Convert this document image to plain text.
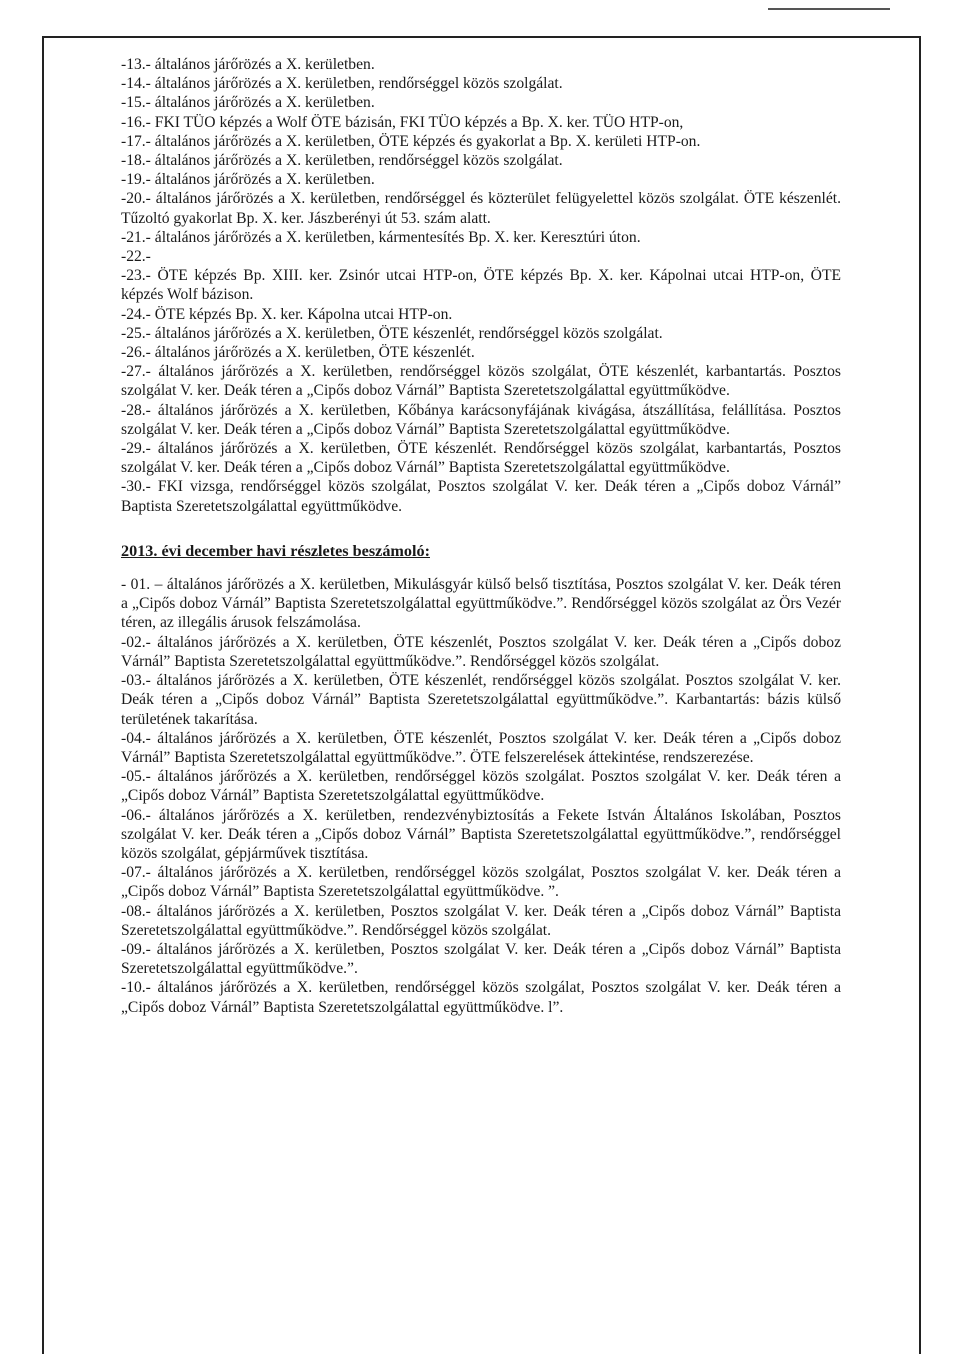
-13.- általános járőrözés a X. kerületben.

-14.- általános járőrözés a X. kerületben, rendőrséggel közös szolgálat.

-15.- általános járőrözés a X. kerületben.

-16.- FKI TÜO képzés a Wolf ÖTE bázisán, FKI TÜO képzés a Bp. X. ker. TÜO HTP-on,

-17.- általános járőrözés a X. kerületben, ÖTE képzés és gyakorlat a Bp. X. kerületi HTP-on.

-18.- általános járőrözés a X. kerületben, rendőrséggel közös szolgálat.

-19.- általános járőrözés a X. kerületben.

-20.- általános járőrözés a X. kerületben, rendőrséggel és közterület felügyelettel közös szolgálat. ÖTE készenlét. Tűzoltó gyakorlat Bp. X. ker. Jászberényi út 53. szám alatt.

-21.- általános járőrözés a X. kerületben, kármentesítés Bp. X. ker. Keresztúri úton.

-22.-

-23.- ÖTE képzés Bp. XIII. ker. Zsinór utcai HTP-on, ÖTE képzés Bp. X. ker. Kápolnai utcai HTP-on, ÖTE képzés Wolf bázison.

-24.- ÖTE képzés Bp. X. ker. Kápolna utcai HTP-on.

-25.- általános járőrözés a X. kerületben, ÖTE készenlét, rendőrséggel közös szolgálat.

-26.- általános járőrözés a X. kerületben, ÖTE készenlét.

-27.- általános járőrözés a X. kerületben, rendőrséggel közös szolgálat, ÖTE készenlét, karbantartás. Posztos szolgálat V. ker. Deák téren a „Cipős doboz Várnál” Baptista Szeretetszolgálattal együttműködve.

-28.- általános járőrözés a X. kerületben, Kőbánya karácsonyfájának kivágása, átszállítása, felállítása. Posztos szolgálat V. ker. Deák téren a „Cipős doboz Várnál” Baptista Szeretetszolgálattal együttműködve.

-29.- általános járőrözés a X. kerületben, ÖTE készenlét. Rendőrséggel közös szolgálat, karbantartás, Posztos szolgálat V. ker. Deák téren a „Cipős doboz Várnál” Baptista Szeretetszolgálattal együttműködve.

-30.- FKI vizsga, rendőrséggel közös szolgálat, Posztos szolgálat V. ker. Deák téren a „Cipős doboz Várnál” Baptista Szeretetszolgálattal együttműködve.

2013. évi december havi részletes beszámoló:

- 01. – általános járőrözés a X. kerületben, Mikulásgyár külső belső tisztítása, Posztos szolgálat V. ker. Deák téren a „Cipős doboz Várnál” Baptista Szeretetszolgálattal együttműködve.”. Rendőrséggel közös szolgálat az Örs Vezér téren, az illegális árusok felszámolása.

-02.- általános járőrözés a X. kerületben, ÖTE készenlét, Posztos szolgálat V. ker. Deák téren a „Cipős doboz Várnál” Baptista Szeretetszolgálattal együttműködve.”. Rendőrséggel közös szolgálat.

-03.- általános járőrözés a X. kerületben, ÖTE készenlét, rendőrséggel közös szolgálat. Posztos szolgálat V. ker. Deák téren a „Cipős doboz Várnál” Baptista Szeretetszolgálattal együttműködve.”. Karbantartás: bázis külső területének takarítása.

-04.- általános járőrözés a X. kerületben, ÖTE készenlét, Posztos szolgálat V. ker. Deák téren a „Cipős doboz Várnál” Baptista Szeretetszolgálattal együttműködve.”. ÖTE felszerelések áttekintése, rendszerezése.

-05.- általános járőrözés a X. kerületben, rendőrséggel közös szolgálat. Posztos szolgálat V. ker. Deák téren a „Cipős doboz Várnál” Baptista Szeretetszolgálattal együttműködve.

-06.- általános járőrözés a X. kerületben, rendezvénybiztosítás a Fekete István Általános Iskolában, Posztos szolgálat V. ker. Deák téren a „Cipős doboz Várnál” Baptista Szeretetszolgálattal együttműködve.”, rendőrséggel közös szolgálat, gépjárművek tisztítása.

-07.- általános járőrözés a X. kerületben, rendőrséggel közös szolgálat, Posztos szolgálat V. ker. Deák téren a „Cipős doboz Várnál” Baptista Szeretetszolgálattal együttműködve. ”.

-08.- általános járőrözés a X. kerületben, Posztos szolgálat V. ker. Deák téren a „Cipős doboz Várnál” Baptista Szeretetszolgálattal együttműködve.”. Rendőrséggel közös szolgálat.

-09.- általános járőrözés a X. kerületben, Posztos szolgálat V. ker. Deák téren a „Cipős doboz Várnál” Baptista Szeretetszolgálattal együttműködve.”.

-10.- általános járőrözés a X. kerületben, rendőrséggel közös szolgálat, Posztos szolgálat V. ker. Deák téren a „Cipős doboz Várnál” Baptista Szeretetszolgálattal együttműködve. l”.
